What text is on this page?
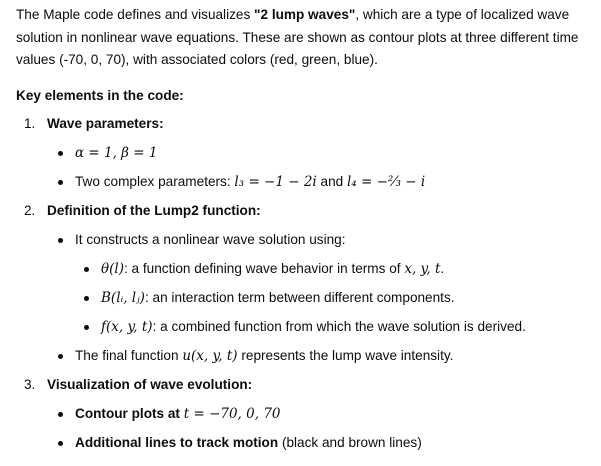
The Maple code defines and visualizes "2 lump waves", which are a type of localized wave solution in nonlinear wave equations. These are shown as contour plots at three different time values (-70, 0, 70), with associated colors (red, green, blue).

Key elements in the code:
1. Wave parameters:
α = 1, β = 1
Two complex parameters: l₃ = −1 − 2i and l₄ = −⅔ − i
2. Definition of the Lump2 function:
It constructs a nonlinear wave solution using:
θ(l): a function defining wave behavior in terms of x, y, t.
B(lᵢ, lⱼ): an interaction term between different components.
f(x, y, t): a combined function from which the wave solution is derived.
The final function u(x, y, t) represents the lump wave intensity.
3. Visualization of wave evolution:
Contour plots at t = −70, 0, 70
Additional lines to track motion (black and brown lines)
